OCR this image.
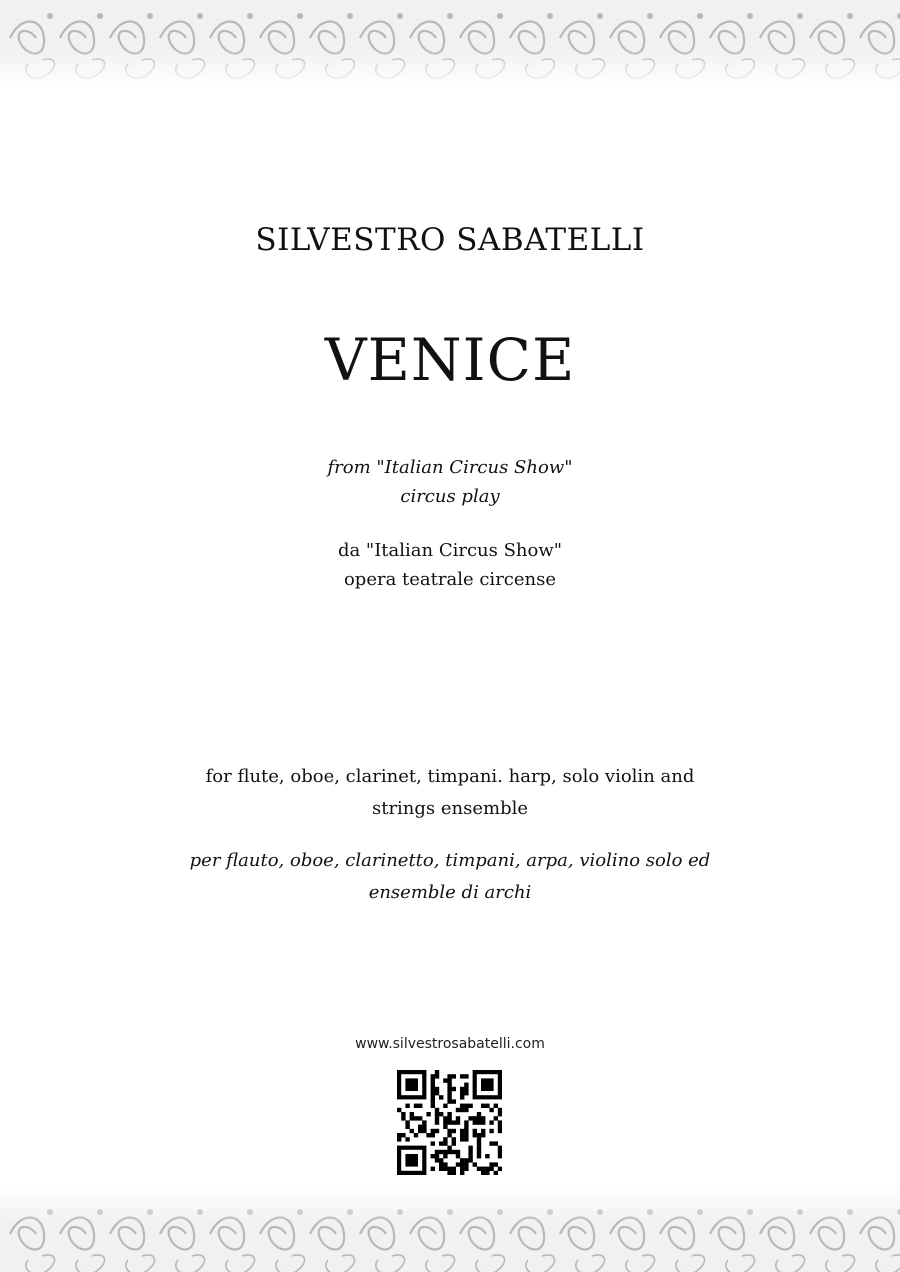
SILVESTRO SABATELLI
VENICE
from "Italian Circus Show"
circus play
da "Italian Circus Show"
opera teatrale circense
for flute, oboe, clarinet, timpani. harp, solo violin and
strings ensemble
per flauto, oboe, clarinetto, timpani, arpa, violino solo ed
ensemble di archi
www.silvestrosabatelli.com
